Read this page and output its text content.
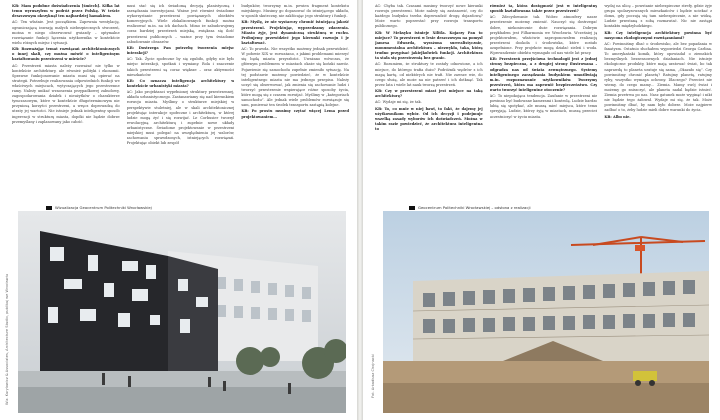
KB: Mam podobne doświadczenia [śmiech]. Kiłka lat temu wyruszyłem w podróż przez Polskę. W teście deszczowym okrzyknął ten najbardziej hamakiem.

AC: Ten właśnie. Jest początkiem. Zapewnia wentylację, ograniczającą inwazję małych niebezpiecznych stworzeń, można w niego obserwować gwiazdy – optymalne rozwiązanie funkcji łączenia użytkownika w kontekście wielu różnych miejsc i sytuacji.

KB: Rozważając temat rozwiązań architektonicznych o innej skali, czy można mówić o inteligentnym kształtowaniu przestrzeni w mieście?

AC: Przestrzeń miasta należy rozważać nie tylko w kontekście architektury, ale również polityki i ekonomii. Sprawne funkcjonowanie miasta musi się opierać na strategii. Potrzebuje realizowania odpowiednich funkcji we właściwych miejscach, wytyczających jego przestrzenne ramy. Należy unikać wznoszenia przypadkowej zabudowy, zagospodarowania działek i nieużytków o charakterze tymczasowym, które w kontekście długoterminowym nie przyniosą korzyści przestrzeni, a wręcz doprowadzą do utraty jej wartości. Nie istnieje jednak inteligentny sposób ingerencji w strukturę miasta, dopóki nie będzie dobrze przemyślany i zaplanowany jako całość.

musi stać się ich świadomą decyzją planistyczną i zarządzania inwestycjami. Ważne jest również świadome wykorzystanie przestrzeni powiązanych obiektów komercyjnych. Wiele zlokalizowanych funkcji można realizować m.in. na ich dachach. Mimo że zabudowujemy coraz bardziej przestrzeń miejską, zwiększa się ilość przestrzeni publicznych – ważne przy tym świadome zabudowanie obszarów.

KB: Dostrzega Pan potrzebę tworzenia miejsc interakcji?

AC: Tak. Życie społeczne by się zgubiło, gdyby nie było miejsc interakcji, spotkań i wymiany. Rola i znaczenie takich przestrzeni są coraz większe – oraz aktywności mieszkańców.

KB: Co oznacza inteligencja architektury w kontekście urbanistyki miasta?

AC: Jako projektanci wypełnionej struktury przestrzennej, układu urbanistycznego. Zastanawiamy się nad kierunkiem rozwoju miasta. Myślimy o strukturze miejskiej w perspektywie stuletniej, ale w skali architektonicznej projektując interakcje społeczne i architekturę, w której ludzie mogą żyć i się rozwijać. Le Corbusier tworzył rewolucyjną architekturę i zupełnie nowe układy urbanistyczne. Świadome projektowanie w przestrzeni miejskiej musi polegać na uwzględnieniu jej walorów, zachowaniu sprawdzonych, istniejących rozwiązań. Projektując obiekt lub zespół

budynków, tworzymy m.in. pewien fragment kontekstu miejskiego. Musimy go dopasować do istniejącego układu, w sposób skuteczny, nie zakłócając jego struktury i funkcji.

KB: Myślę, że nie wystarczy chronić istniejącą jakość przestrzeni. Projektując, wyprzedzamy zdarzenia. Miasto żyje, jest dynamiczną strukturą w ruchu. Próbujemy przewidzieć jego kierunki rozwoju i je kształtować.

AC: To prawda. Nie wszystko możemy jednak przewidzieć. W połowie XIX w. rozważano, z jakimi problemami mierzyć się będą miasta przyszłości. Uważano wówczas, że głównym problemem w miastach okaże się koński nawóz. Pojawienie się samochodu zupełnie zmieniło sytuację. Na tej podstawie możemy powiedzieć, że w kontekście inteligentnego miasta nie ma jednego przepisu. Należy uczyć się obserwować, jak zmienia się zachowanie ludzi i tworzyć przestrzenie wspierające różne sposoby życia, które mogą się z czasem rozwijać. Myślimy w „kategoriach samochodu”. Ale jednak wiele problemów rozwiązuje się sam, ponieważ ten środek transportu zastąpią kolejne.

KB: Po prostu musimy czytać więcej Lema przed projektowaniem…

Wizualizacja Geocentrum Politechniki Wrocławskiej
Wiz. Kurylowicz & Associates, Architecture Studio, publikuj we Wrocławiu

AC: Chyba tak. Czasami musimy tworzyć nowe kierunki rozwoju przestrzeni. Może należy się zastanowić, czy do każdego budynku trzeba doprowadzić drogę dojazdową? Może warto poprzestać przy rozwoju transportu publicznego.

KB: W Meksyku istnieje Xilitla. Kojarzy Pan to miejsce? To przestrzeń w lesie deszczowym na pomysł Jamesa Edwarda, wyrażona surrealistycznie, monumentalna architektura – niezwykła, taka, którą trudno przypisać jakiejkolwiek funkcji. Architektura ta stała się przestrzenią bez granic.

AC: Rozumiem, że struktury te zostały odnowione, a ich miejsce, do którego trafia dużo? Podróżnik wędrów z ich mapą kartę, od niektórych nie trafi. Nie zawsze wie, do czego służą, ale może na nie patrzeć i ich dotknąć. Tak przez lata i wiele lat nauk tworzą przestrzeń.

KB: Czy w przestrzeni miast jest miejsce na taką architekturę?

AC: Wydaje mi się, że tak.

KB: To, co mnie w niej bawi, to fakt, że dajemy jej użytkownikom wybór. Od ich decyzji i podejmuje wszelką zasady wyborów ich doświadczeń. Można w takim razie powiedzieć, że architektura inteligentna to

również ta, która dostępność jest w inteligentny sposób kształtowana także przez przestrzeń?

AC: Zdecydowanie tak. Wobec atmosfery nasze przestrzenie możemy zmienić. Nauczyć się dostrzegać dobre, niekoniecznie duże rozwiązania. Dobrym przykładem jest Filharmonia we Wrocławiu. Wcześniej ją projektowałem, właściwie zaproponowałem realizację przestrzeni dookoła i środowiska, które zostało uzupełnione. Przy projekcie mogą działać zieleń i woda. Wprowadzenie obiektu wymagało od nas wiele lat pracy.

KB: Przestrzeń przejściowa technologii jest z jednej strony bezpieczna, a z drugiej strony ilustrowana – odgradza nas od świata zewnętrznego. Systemy inteligentnego zarządzania budynkiem umożliwiają m.in. rozpoznawanie użytkowników. Tworzymy przestrzeń, która ma zapewnić bezpieczeństwo. Czy warto tworzyć inteligentne otoczenie?

AC: To niepokojąca tendencja. Zaufanie w przestrzeni nie powinno być budowane kamerami i kontrolą. Ludzie bardzo lubią się spotykać, ale muszą mieć miejsca, które temu sprzyjają. Ludzie, którzy żyją w miastach, muszą przecież uczestniczyć w życiu miasta.

wydaj na ulicę – powstanie niebezpieczne strefy, gdzie żyje grupa spolaryzowanych mieszkańców i będzie uciekać z domu, gdy poczują się tam niebezpiecznie, a nie widzą. Ludzie przestaną z sobą rozmawiać. Nic nie zastąpi kontaktu międzyludzkiego.

KB: Czy inteligencja architektury powinna być nasycona ekologicznymi rozwiązaniami?

AC: Powinniśmy dbać o środowisko, ale bez popadania w fanatyzm. Ostatnio słuchałem wypowiedzi Georga Carlina. To amerykański komik, który opowiadał o ziemskich bezmyślnych bezsensownych działaniach. Nie istnieje ekologiczne produkty, które mają uratować świat, bo tak naprawdę to planeta uratuje się sama, „Okazało się”. Czy powinniśmy chronić planetę? Ratujmy planetę, ratujmy ryby, wszystko wymaga ochrony. Dlaczego? Przecież nie wiemy, do czego mamy… Ziemia. Mamy swój świat i możemy go zniszczyć, ale planeta nadal będzie istnieć. Ziemia przetrwa po nas. Nasz gatunek może wyginąć i nikt nie będzie tego żałował. Wydaje mi się, że tak. Może powinniśmy dbać, by nam było dobrze. Może najpierw zadbać o to, żeby ludzie mieli dobre warunki do życia.

KB: Albo nie.

Geocentrum Politechniki Wrocławskiej – odsłona z realizacji
Fot. Arkadiusz Chojnacki
